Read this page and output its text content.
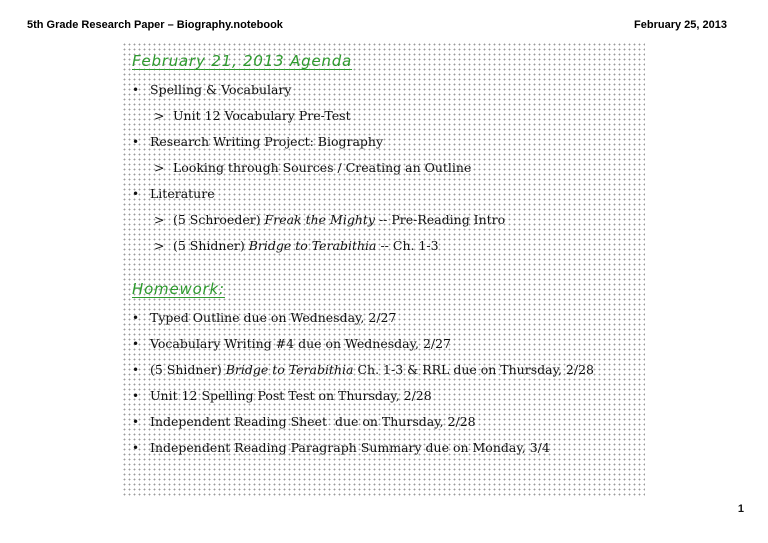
5th Grade Research Paper – Biography.notebook	February 25, 2013
February 21, 2013 Agenda
• Spelling & Vocabulary
> Unit 12 Vocabulary Pre-Test
• Research Writing Project: Biography
> Looking through Sources / Creating an Outline
• Literature
> (5 Schroeder) Freak the Mighty -- Pre-Reading Intro
> (5 Shidner) Bridge to Terabithia -- Ch. 1-3
Homework:
• Typed Outline due on Wednesday, 2/27
• Vocabulary Writing #4 due on Wednesday, 2/27
• (5 Shidner) Bridge to Terabithia Ch. 1-3 & RRL due on Thursday, 2/28
• Unit 12 Spelling Post Test on Thursday, 2/28
• Independent Reading Sheet  due on Thursday, 2/28
• Independent Reading Paragraph Summary due on Monday, 3/4
1
